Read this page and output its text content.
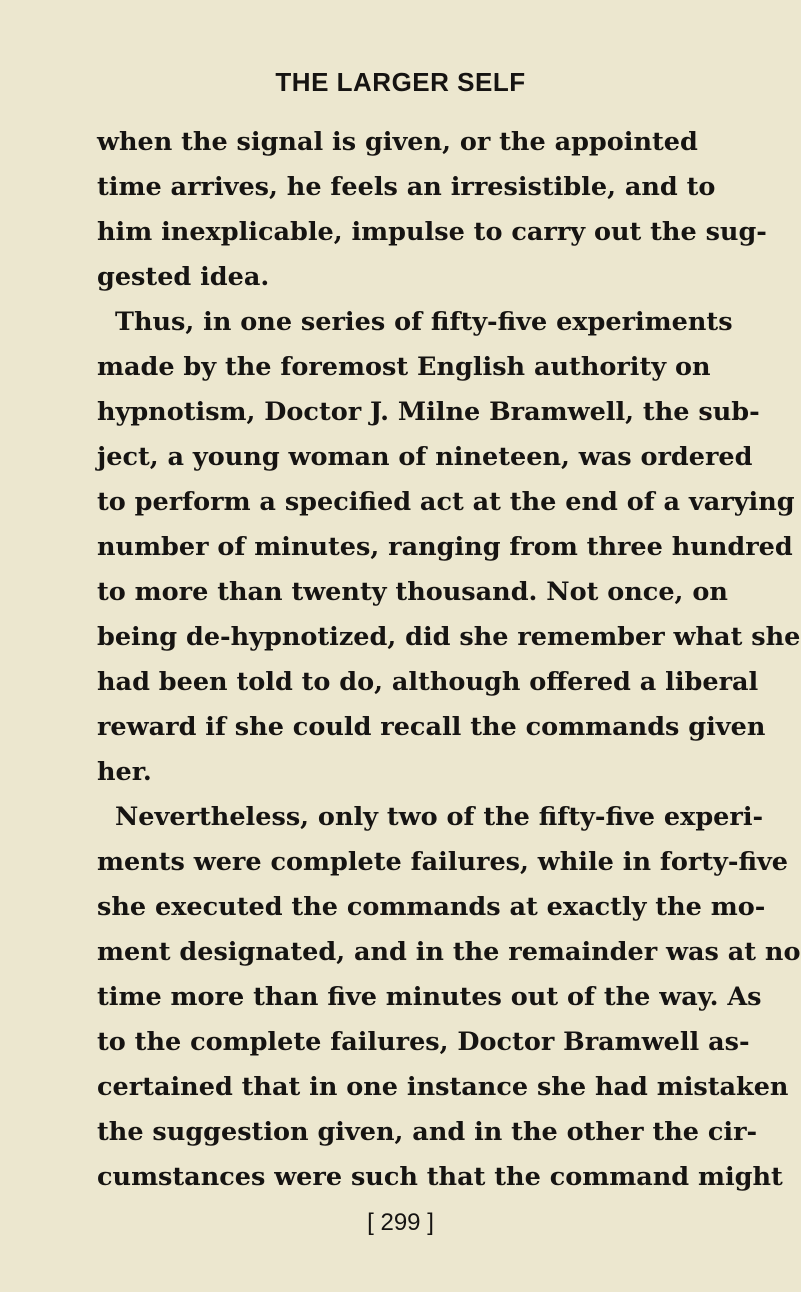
THE LARGER SELF

when the signal is given, or the appointed

time arrives, he feels an irresistible, and to

him inexplicable, impulse to carry out the sug-

gested idea.

Thus, in one series of fifty-five experiments

made by the foremost English authority on

hypnotism, Doctor J. Milne Bramwell, the sub-

ject, a young woman of nineteen, was ordered

to perform a specified act at the end of a varying

number of minutes, ranging from three hundred

to more than twenty thousand. Not once, on

being de-hypnotized, did she remember what she

had been told to do, although offered a liberal

reward if she could recall the commands given

her.

Nevertheless, only two of the fifty-five experi-

ments were complete failures, while in forty-five

she executed the commands at exactly the mo-

ment designated, and in the remainder was at no

time more than five minutes out of the way. As

to the complete failures, Doctor Bramwell as-

certained that in one instance she had mistaken

the suggestion given, and in the other the cir-

cumstances were such that the command might

[ 299 ]
